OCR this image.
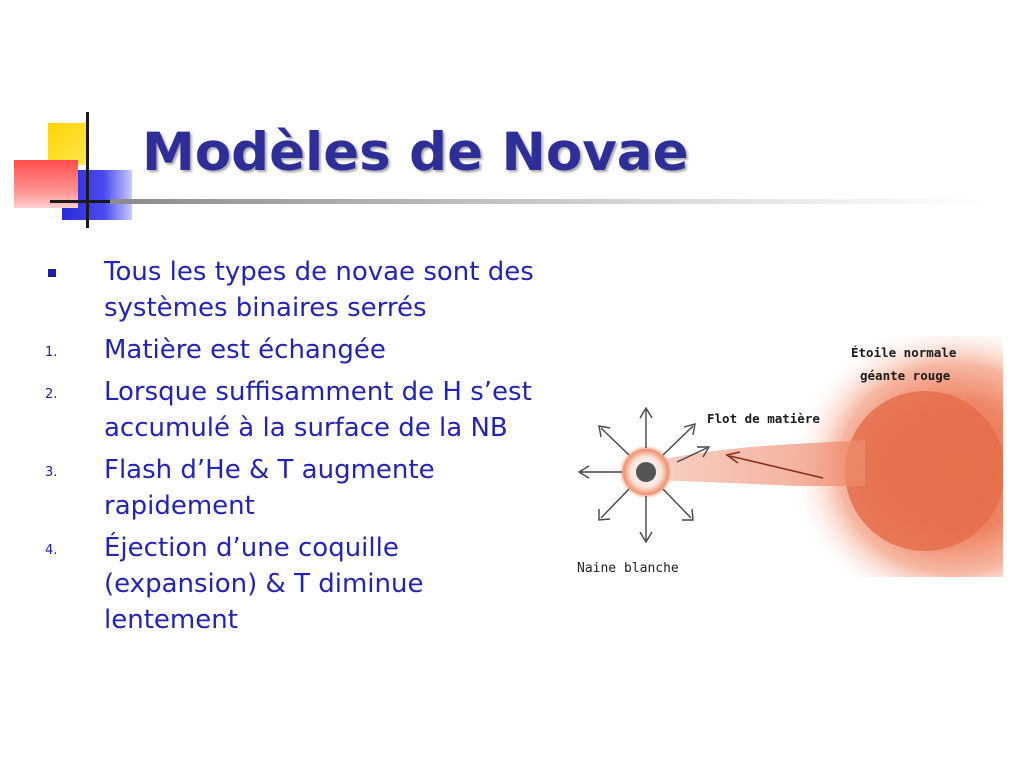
Modèles de Novae
Tous les types de novae sont des systèmes binaires serrés
1. Matière est échangée
2. Lorsque suffisamment de H s’est accumulé à la surface de la NB
3. Flash d’He & T augmente rapidement
4. Éjection d’une coquille (expansion) & T diminue lentement
Étoile normale
géante rouge
Flot de matière
Naine blanche
